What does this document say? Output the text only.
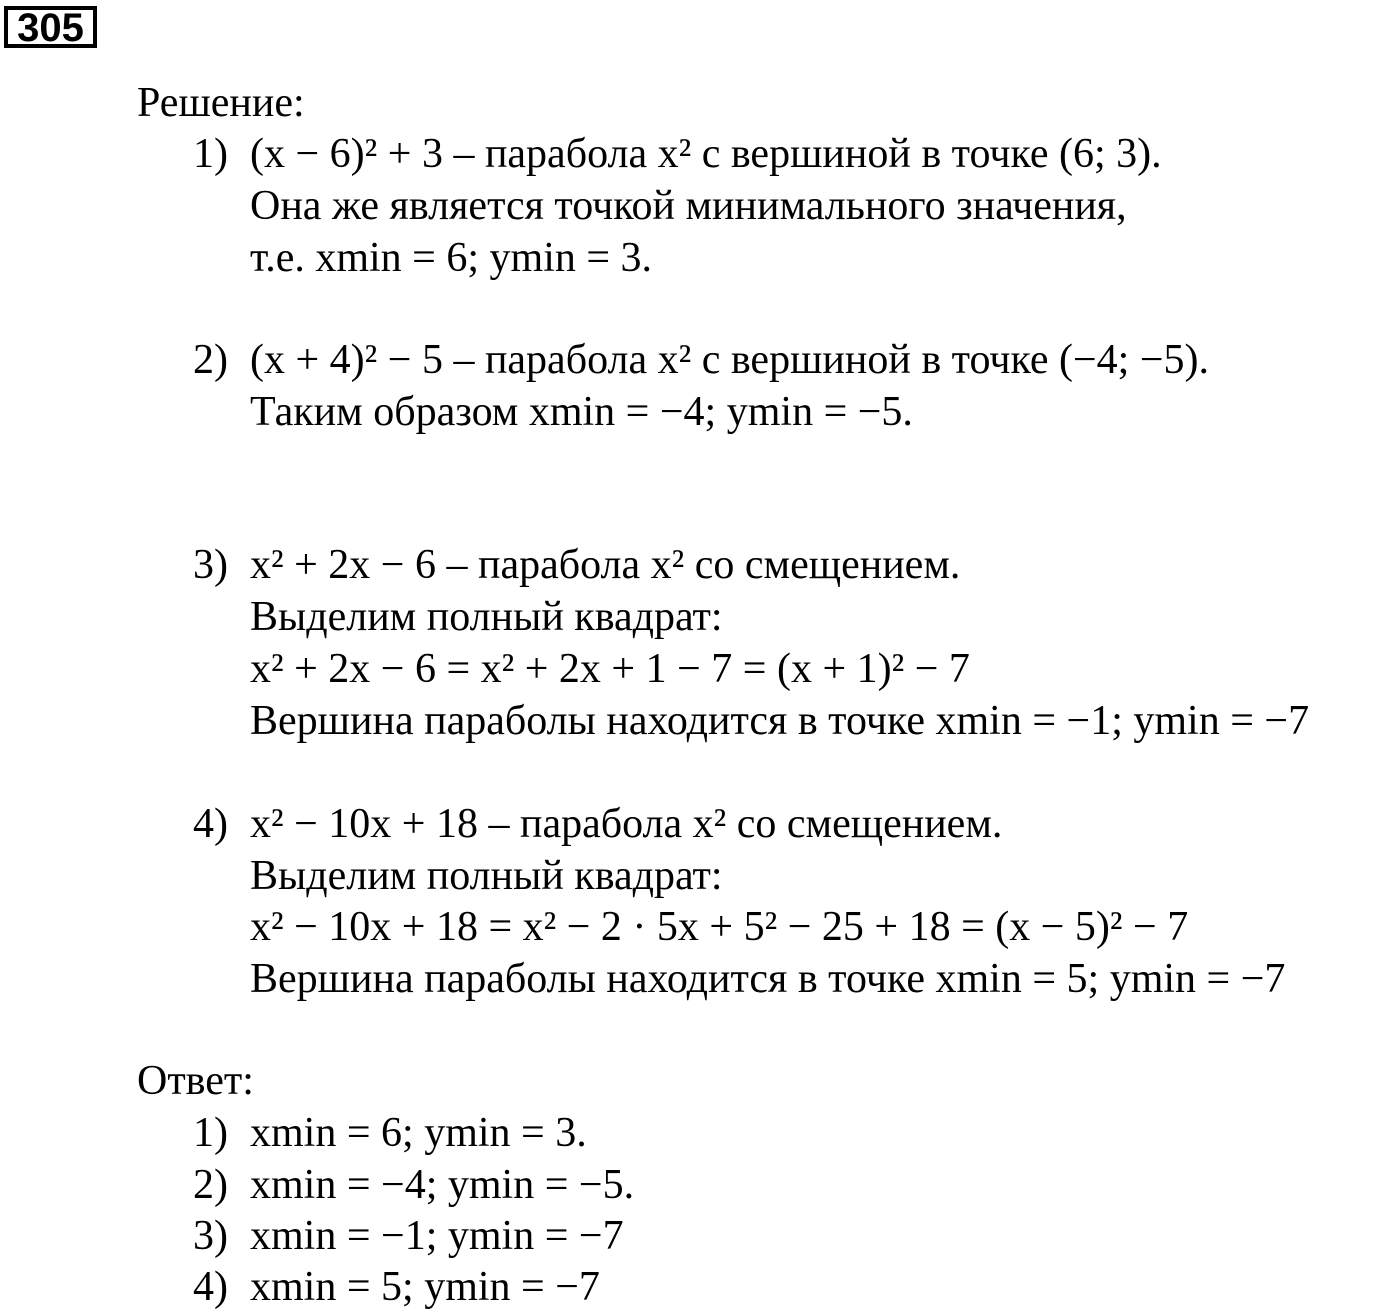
305
Решение:
1) (x − 6)² + 3 – парабола x² с вершиной в точке (6; 3).
Она же является точкой минимального значения,
т.е. xmin = 6; ymin = 3.
2) (x + 4)² − 5 – парабола x² с вершиной в точке (−4; −5).
Таким образом xmin = −4; ymin = −5.
3) x² + 2x − 6 – парабола x² со смещением.
Выделим полный квадрат:
x² + 2x − 6 = x² + 2x + 1 − 7 = (x + 1)² − 7
Вершина параболы находится в точке xmin = −1; ymin = −7
4) x² − 10x + 18 – парабола x² со смещением.
Выделим полный квадрат:
x² − 10x + 18 = x² − 2 · 5x + 5² − 25 + 18 = (x − 5)² − 7
Вершина параболы находится в точке xmin = 5; ymin = −7
Ответ:
1) xmin = 6; ymin = 3.
2) xmin = −4; ymin = −5.
3) xmin = −1; ymin = −7
4) xmin = 5; ymin = −7
